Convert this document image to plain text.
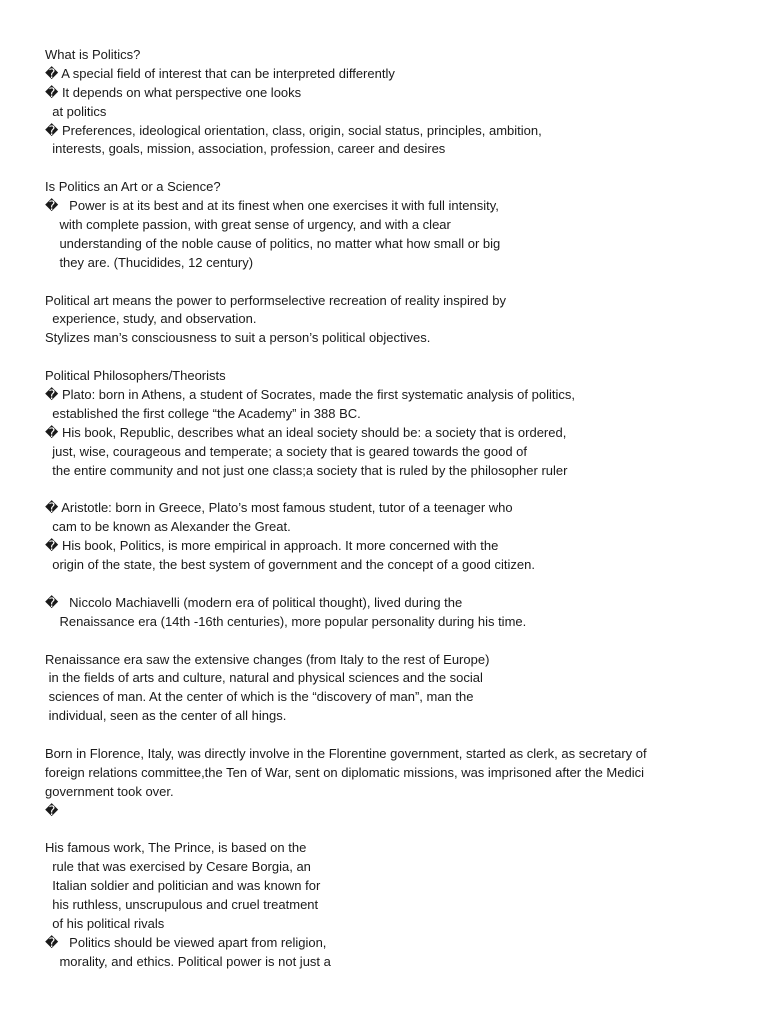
What is Politics?
� A special field of interest that can be interpreted differently
� It depends on what perspective one looks
at politics
� Preferences, ideological orientation, class, origin, social status, principles, ambition,
interests, goals, mission, association, profession, career and desires
Is Politics an Art or a Science?
�   Power is at its best and at its finest when one exercises it with full intensity,
with complete passion, with great sense of urgency, and with a clear
understanding of the noble cause of politics, no matter what how small or big
they are. (Thucidides, 12 century)
Political art means the power to performselective recreation of reality inspired by
experience, study, and observation.
Stylizes man’s consciousness to suit a person’s political objectives.
Political Philosophers/Theorists
� Plato: born in Athens, a student of Socrates, made the first systematic analysis of politics,
established the first college “the Academy” in 388 BC.
� His book, Republic, describes what an ideal society should be: a society that is ordered,
just, wise, courageous and temperate; a society that is geared towards the good of
the entire community and not just one class;a society that is ruled by the philosopher ruler
� Aristotle: born in Greece, Plato’s most famous student, tutor of a teenager who
cam to be known as Alexander the Great.
� His book, Politics, is more empirical in approach. It more concerned with the
origin of the state, the best system of government and the concept of a good citizen.
�   Niccolo Machiavelli (modern era of political thought), lived during the
Renaissance era (14th -16th centuries), more popular personality during his time.
Renaissance era saw the extensive changes (from Italy to the rest of Europe)
in the fields of arts and culture, natural and physical sciences and the social
sciences of man. At the center of which is the “discovery of man”, man the
individual, seen as the center of all hings.
Born in Florence, Italy, was directly involve in the Florentine government, started as clerk, as secretary of
foreign relations committee,the Ten of War, sent on diplomatic missions, was imprisoned after the Medici
government took over.
�
His famous work, The Prince, is based on the
rule that was exercised by Cesare Borgia, an
Italian soldier and politician and was known for
his ruthless, unscrupulous and cruel treatment
of his political rivals
�   Politics should be viewed apart from religion,
morality, and ethics. Political power is not just a
